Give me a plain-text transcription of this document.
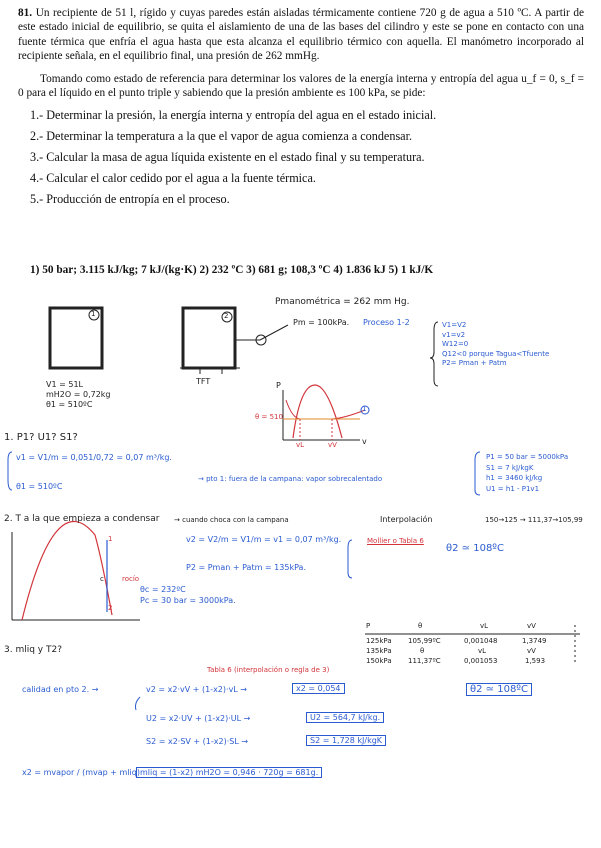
81. Un recipiente de 51 l, rígido y cuyas paredes están aisladas térmicamente contiene 720 g de agua a 510 ºC. A partir de este estado inicial de equilibrio, se quita el aislamiento de una de las bases del cilindro y este se pone en contacto con una fuente térmica que enfría el agua hasta que esta alcanza el equilibrio térmico con aquella. El manómetro incorporado al recipiente señala, en el equilibrio final, una presión de 262 mmHg.

Tomando como estado de referencia para determinar los valores de la energía interna y entropía del agua u_f = 0, s_f = 0 para el líquido en el punto triple y sabiendo que la presión ambiente es 100 kPa, se pide:

1.- Determinar la presión, la energía interna y entropía del agua en el estado inicial.
2.- Determinar la temperatura a la que el vapor de agua comienza a condensar.
3.- Calcular la masa de agua líquida existente en el estado final y su temperatura.
4.- Calcular el calor cedido por el agua a la fuente térmica.
5.- Producción de entropía en el proceso.
1) 50 bar; 3.115 kJ/kg; 7 kJ/(kg·K) 2) 232 ºC 3) 681 g; 108,3 ºC 4) 1.836 kJ 5) 1 kJ/K
Pmanométrica = 262 mm Hg.
Pm = 100kPa. Proceso 1-2	V1=V2
v1=v2
W12=0
Q12<0 porque Tagua<Tfuente
P2= Pman + Patm
V1 = 51L
mH2O = 0,72kg
θ1 = 510ºC
TFT
1	2
P
v
θ = 510
vL	vV
1
1. P1? U1? S1?
v1 = V1/m = 0,051/0,72 = 0,07 m³/kg.
θ1 = 510ºC
→ pto 1: fuera de la campana: vapor sobrecalentado
P1 = 50 bar = 5000kPa
S1 = 7 kJ/kgK
h1 = 3460 kJ/kg
U1 = h1 - P1v1
2. T a la que empieza a condensar → cuando choca con la campana	Interpolación	150→125 → 111,37→105,99
v2 = V2/m = V1/m = v1 = 0,07 m³/kg.
P2 = Pman + Patm = 135kPa.
Mollier o Tabla 6
θ2 ≃ 108ºC
rocío
θc = 232ºC
Pc = 30 bar = 3000kPa.
1
c
2
P	θ	vL	vV
125kPa 105,99ºC	0,001048	1,3749
135kPa	θ	vL	vV
150kPa 111,37ºC	0,001053	1,593
3. mliq y T2?
Tabla 6 (interpolación o regla de 3)
calidad en pto 2. →	v2 = x2·vV + (1-x2)·vL →	x2 = 0,054	θ2 ≃ 108ºC
U2 = x2·UV + (1-x2)·UL →	U2 = 564,7 kJ/kg.
S2 = x2·SV + (1-x2)·SL →	S2 = 1,728 kJ/kgK
x2 = mvapor / (mvap + mliq) mliq = (1-x2) mH2O = 0,946 · 720g = 681g.
